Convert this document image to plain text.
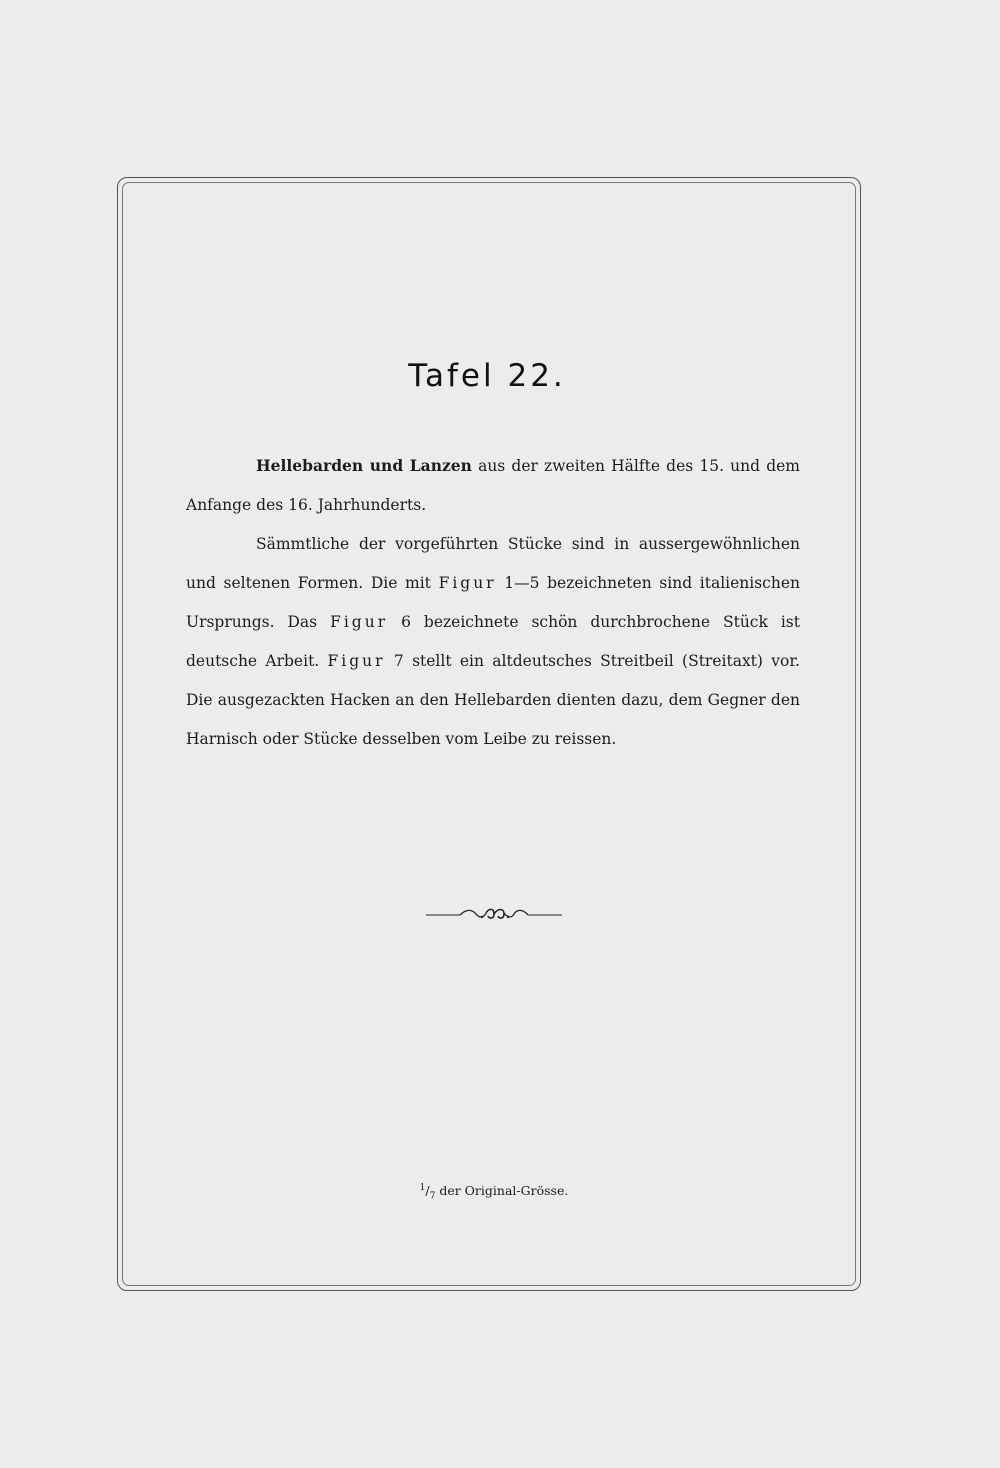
Tafel 22.

Hellebarden und Lanzen aus der zweiten Hälfte des 15. und dem Anfange des 16. Jahrhunderts.

Sämmtliche der vorgeführten Stücke sind in aussergewöhnlichen und seltenen Formen. Die mit Figur 1—5 bezeichneten sind italienischen Ursprungs. Das Figur 6 bezeichnete schön durchbrochene Stück ist deutsche Arbeit. Figur 7 stellt ein altdeutsches Streitbeil (Streitaxt) vor. Die ausgezackten Hacken an den Hellebarden dienten dazu, dem Gegner den Harnisch oder Stücke desselben vom Leibe zu reissen.

$^1/_7$ der Original-Grösse.
